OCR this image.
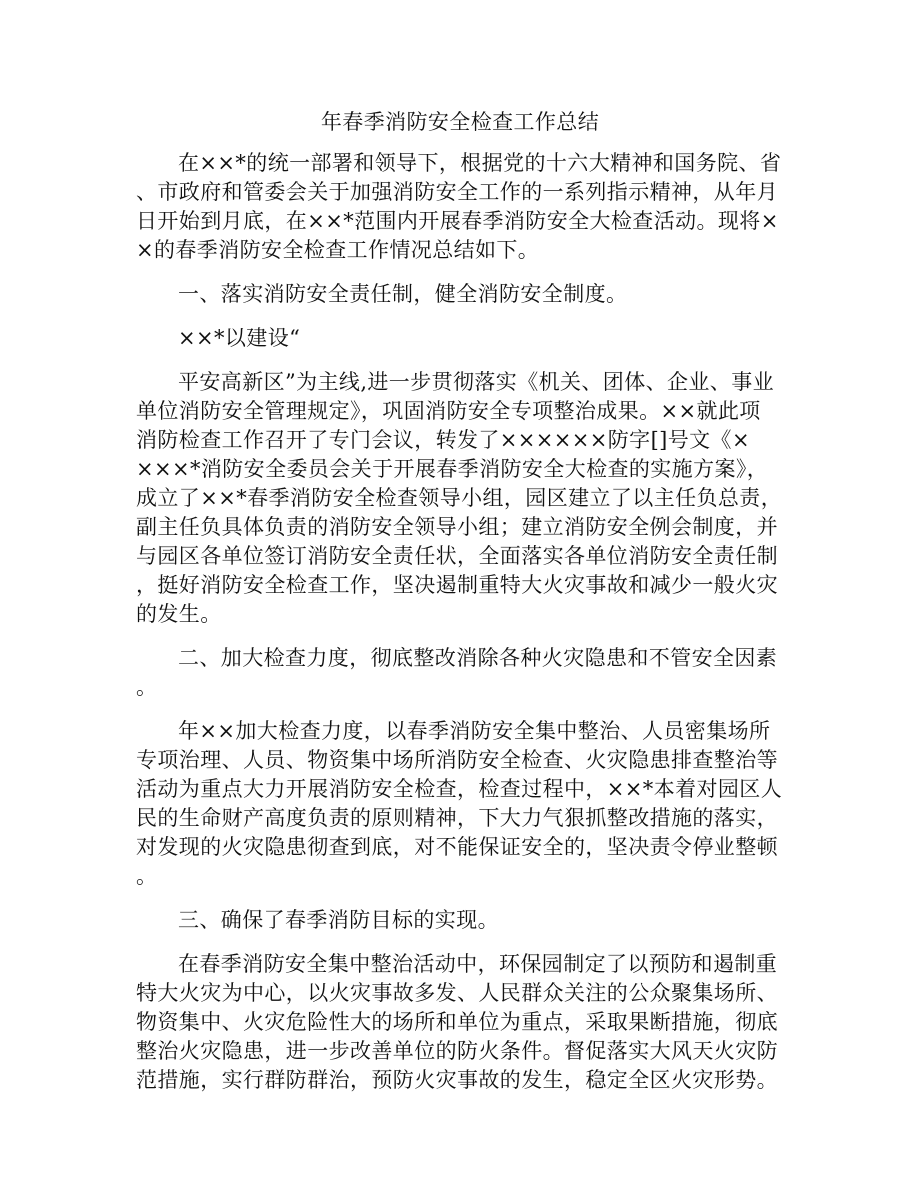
年春季消防安全检查工作总结
在××*的统一部署和领导下，根据党的十六大精神和国务院、省
、市政府和管委会关于加强消防安全工作的一系列指示精神，从年月
日开始到月底，在××*范围内开展春季消防安全大检查活动。现将×
×的春季消防安全检查工作情况总结如下。
一、落实消防安全责任制，健全消防安全制度。
××*以建设“
平安高新区”为主线,进一步贯彻落实《机关、团体、企业、事业
单位消防安全管理规定》，巩固消防安全专项整治成果。××就此项
消防检查工作召开了专门会议，转发了××××××防字[]号文《×
×××*消防安全委员会关于开展春季消防安全大检查的实施方案》，
成立了××*春季消防安全检查领导小组，园区建立了以主任负总责，
副主任负具体负责的消防安全领导小组；建立消防安全例会制度，并
与园区各单位签订消防安全责任状，全面落实各单位消防安全责任制
，挺好消防安全检查工作，坚决遏制重特大火灾事故和减少一般火灾
的发生。
二、加大检查力度，彻底整改消除各种火灾隐患和不管安全因素
。
年××加大检查力度，以春季消防安全集中整治、人员密集场所
专项治理、人员、物资集中场所消防安全检查、火灾隐患排查整治等
活动为重点大力开展消防安全检查，检查过程中，××*本着对园区人
民的生命财产高度负责的原则精神，下大力气狠抓整改措施的落实，
对发现的火灾隐患彻查到底，对不能保证安全的，坚决责令停业整顿
。
三、确保了春季消防目标的实现。
在春季消防安全集中整治活动中，环保园制定了以预防和遏制重
特大火灾为中心，以火灾事故多发、人民群众关注的公众聚集场所、
物资集中、火灾危险性大的场所和单位为重点，采取果断措施，彻底
整治火灾隐患，进一步改善单位的防火条件。督促落实大风天火灾防
范措施，实行群防群治，预防火灾事故的发生，稳定全区火灾形势。
